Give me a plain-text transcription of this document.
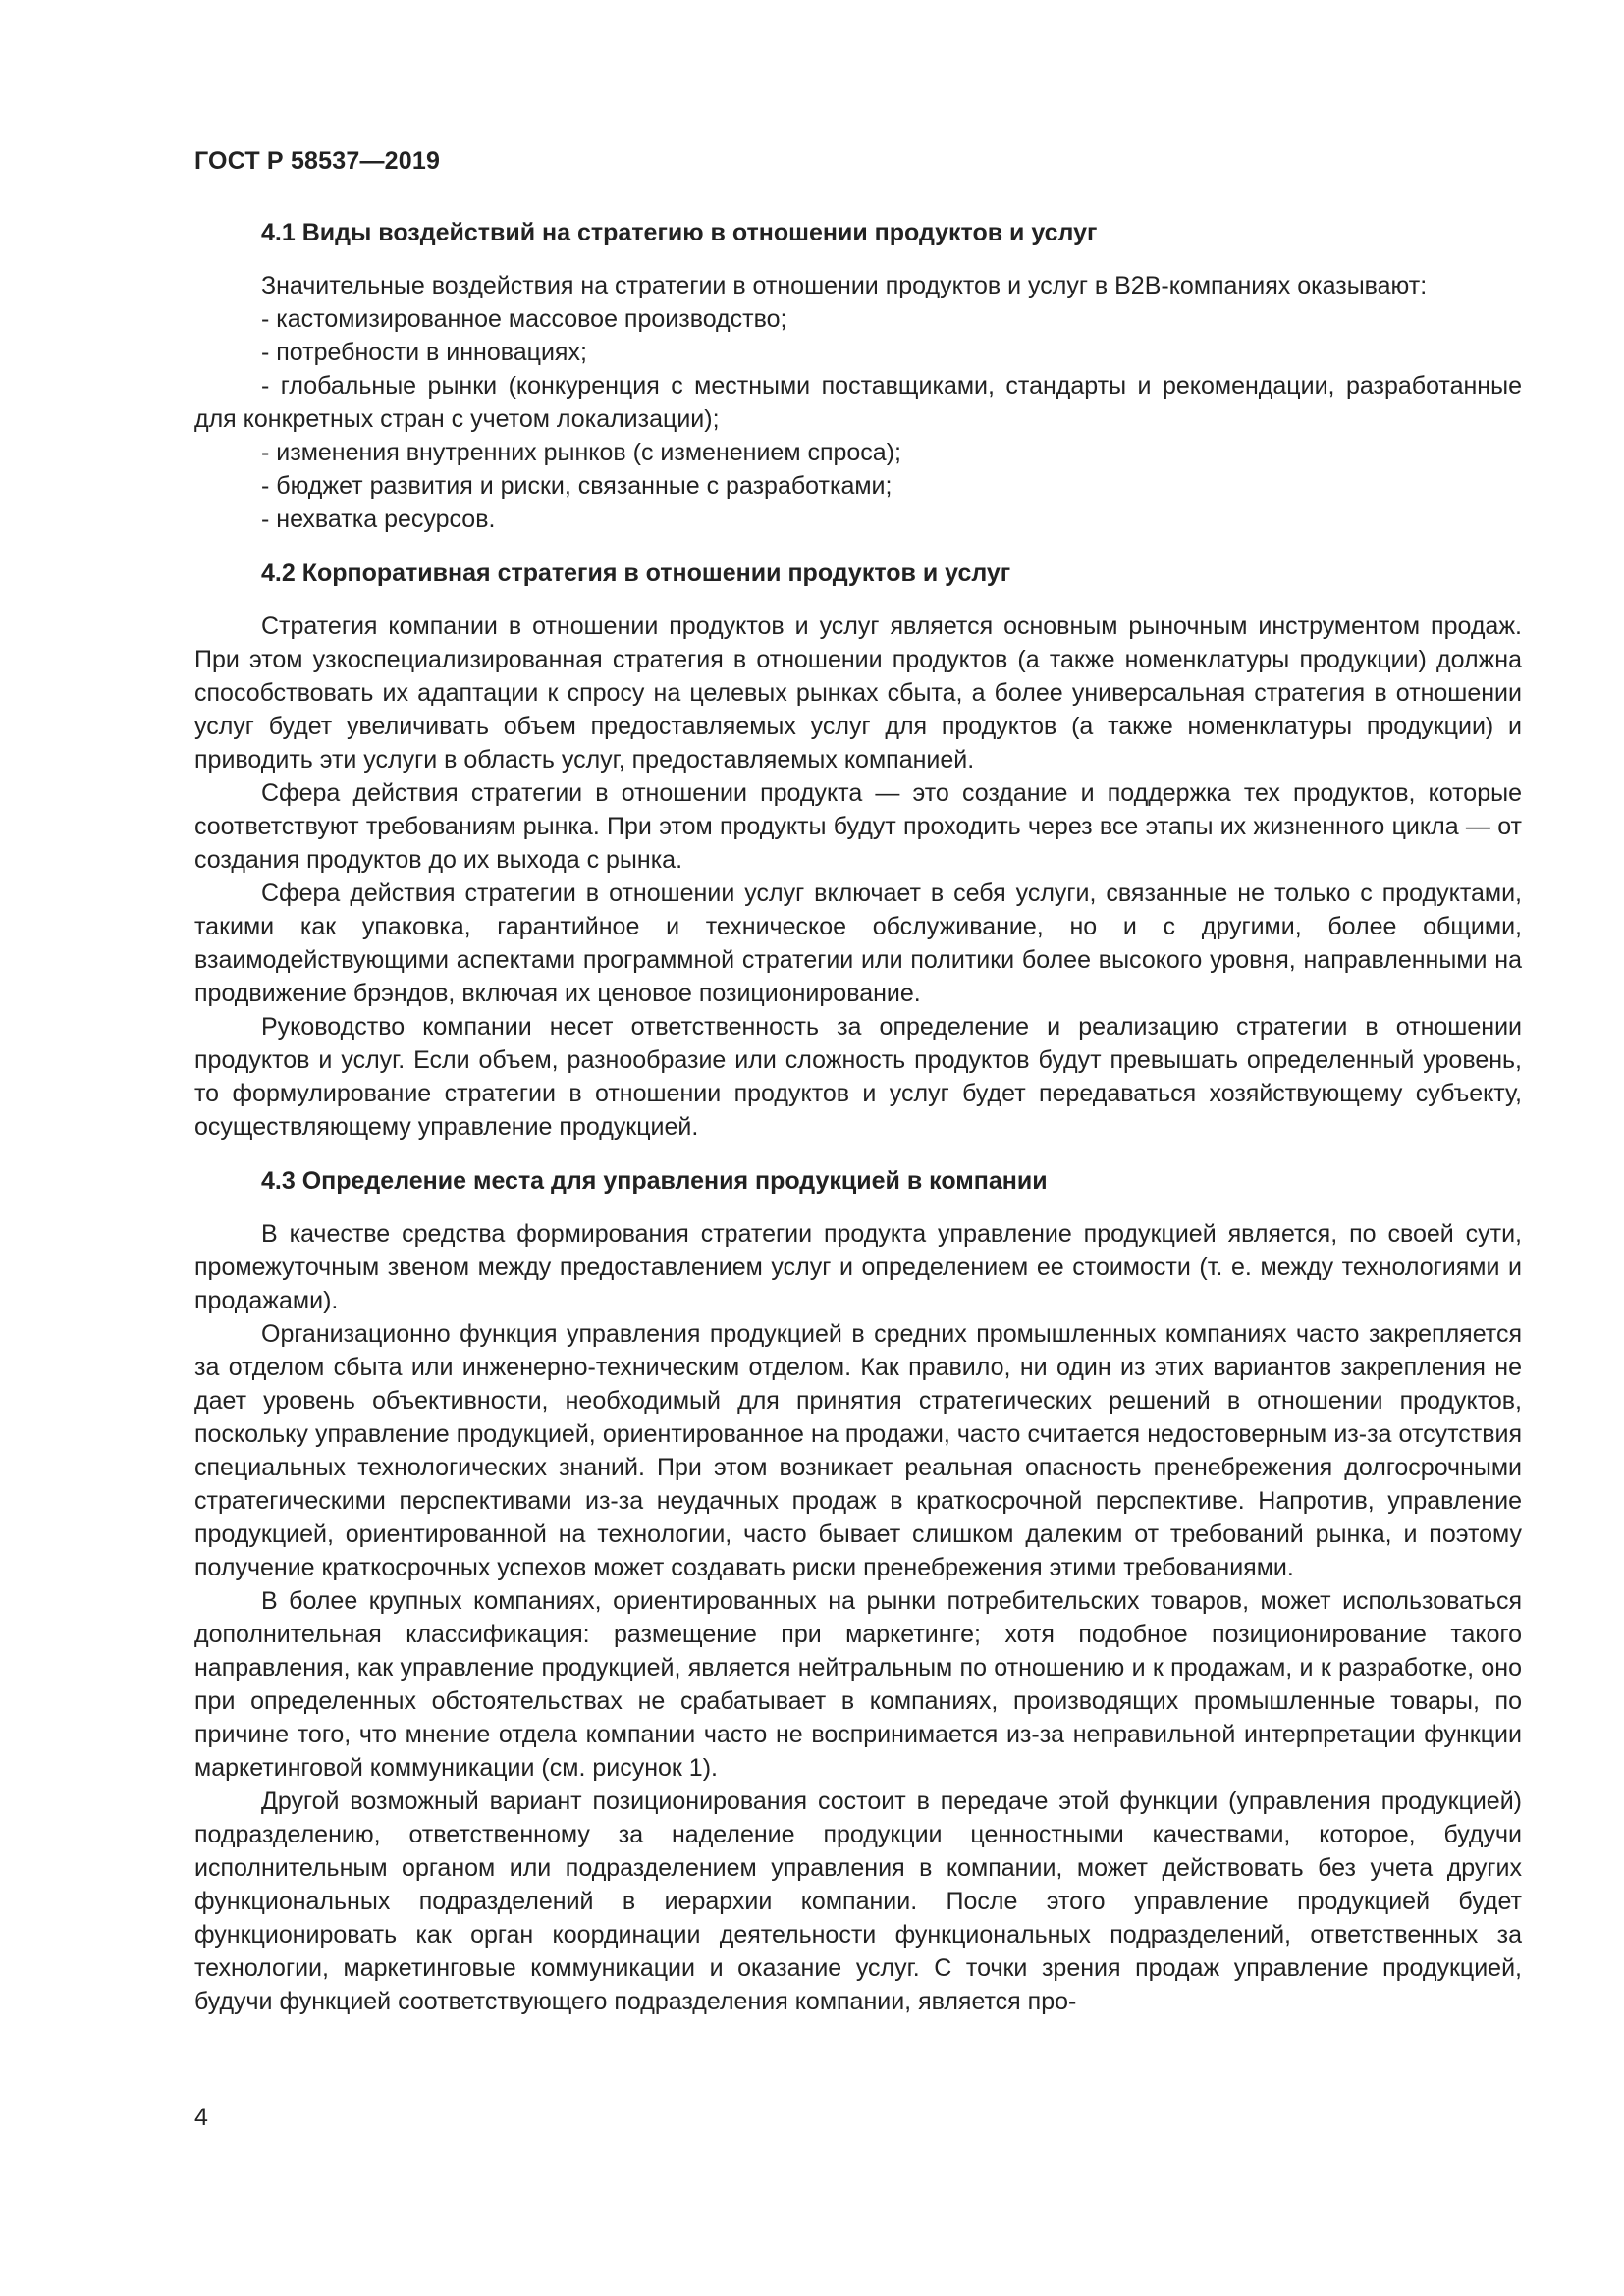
ГОСТ Р 58537—2019
4.1 Виды воздействий на стратегию в отношении продуктов и услуг

Значительные воздействия на стратегии в отношении продуктов и услуг в B2B-компаниях оказывают:

- кастомизированное массовое производство;
- потребности в инновациях;
- глобальные рынки (конкуренция с местными поставщиками, стандарты и рекомендации, разработанные для конкретных стран с учетом локализации);
- изменения внутренних рынков (с изменением спроса);
- бюджет развития и риски, связанные с разработками;
- нехватка ресурсов.
4.2 Корпоративная стратегия в отношении продуктов и услуг

Стратегия компании в отношении продуктов и услуг является основным рыночным инструментом продаж. При этом узкоспециализированная стратегия в отношении продуктов (а также номенклатуры продукции) должна способствовать их адаптации к спросу на целевых рынках сбыта, а более универсальная стратегия в отношении услуг будет увеличивать объем предоставляемых услуг для продуктов (а также номенклатуры продукции) и приводить эти услуги в область услуг, предоставляемых компанией.

Сфера действия стратегии в отношении продукта — это создание и поддержка тех продуктов, которые соответствуют требованиям рынка. При этом продукты будут проходить через все этапы их жизненного цикла — от создания продуктов до их выхода с рынка.

Сфера действия стратегии в отношении услуг включает в себя услуги, связанные не только с продуктами, такими как упаковка, гарантийное и техническое обслуживание, но и с другими, более общими, взаимодействующими аспектами программной стратегии или политики более высокого уровня, направленными на продвижение брэндов, включая их ценовое позиционирование.

Руководство компании несет ответственность за определение и реализацию стратегии в отношении продуктов и услуг. Если объем, разнообразие или сложность продуктов будут превышать определенный уровень, то формулирование стратегии в отношении продуктов и услуг будет передаваться хозяйствующему субъекту, осуществляющему управление продукцией.

4.3 Определение места для управления продукцией в компании

В качестве средства формирования стратегии продукта управление продукцией является, по своей сути, промежуточным звеном между предоставлением услуг и определением ее стоимости (т. е. между технологиями и продажами).

Организационно функция управления продукцией в средних промышленных компаниях часто закрепляется за отделом сбыта или инженерно-техническим отделом. Как правило, ни один из этих вариантов закрепления не дает уровень объективности, необходимый для принятия стратегических решений в отношении продуктов, поскольку управление продукцией, ориентированное на продажи, часто считается недостоверным из-за отсутствия специальных технологических знаний. При этом возникает реальная опасность пренебрежения долгосрочными стратегическими перспективами из-за неудачных продаж в краткосрочной перспективе. Напротив, управление продукцией, ориентированной на технологии, часто бывает слишком далеким от требований рынка, и поэтому получение краткосрочных успехов может создавать риски пренебрежения этими требованиями.

В более крупных компаниях, ориентированных на рынки потребительских товаров, может использоваться дополнительная классификация: размещение при маркетинге; хотя подобное позиционирование такого направления, как управление продукцией, является нейтральным по отношению и к продажам, и к разработке, оно при определенных обстоятельствах не срабатывает в компаниях, производящих промышленные товары, по причине того, что мнение отдела компании часто не воспринимается из-за неправильной интерпретации функции маркетинговой коммуникации (см. рисунок 1).

Другой возможный вариант позиционирования состоит в передаче этой функции (управления продукцией) подразделению, ответственному за наделение продукции ценностными качествами, которое, будучи исполнительным органом или подразделением управления в компании, может действовать без учета других функциональных подразделений в иерархии компании. После этого управление продукцией будет функционировать как орган координации деятельности функциональных подразделений, ответственных за технологии, маркетинговые коммуникации и оказание услуг. С точки зрения продаж управление продукцией, будучи функцией соответствующего подразделения компании, является про-

4
